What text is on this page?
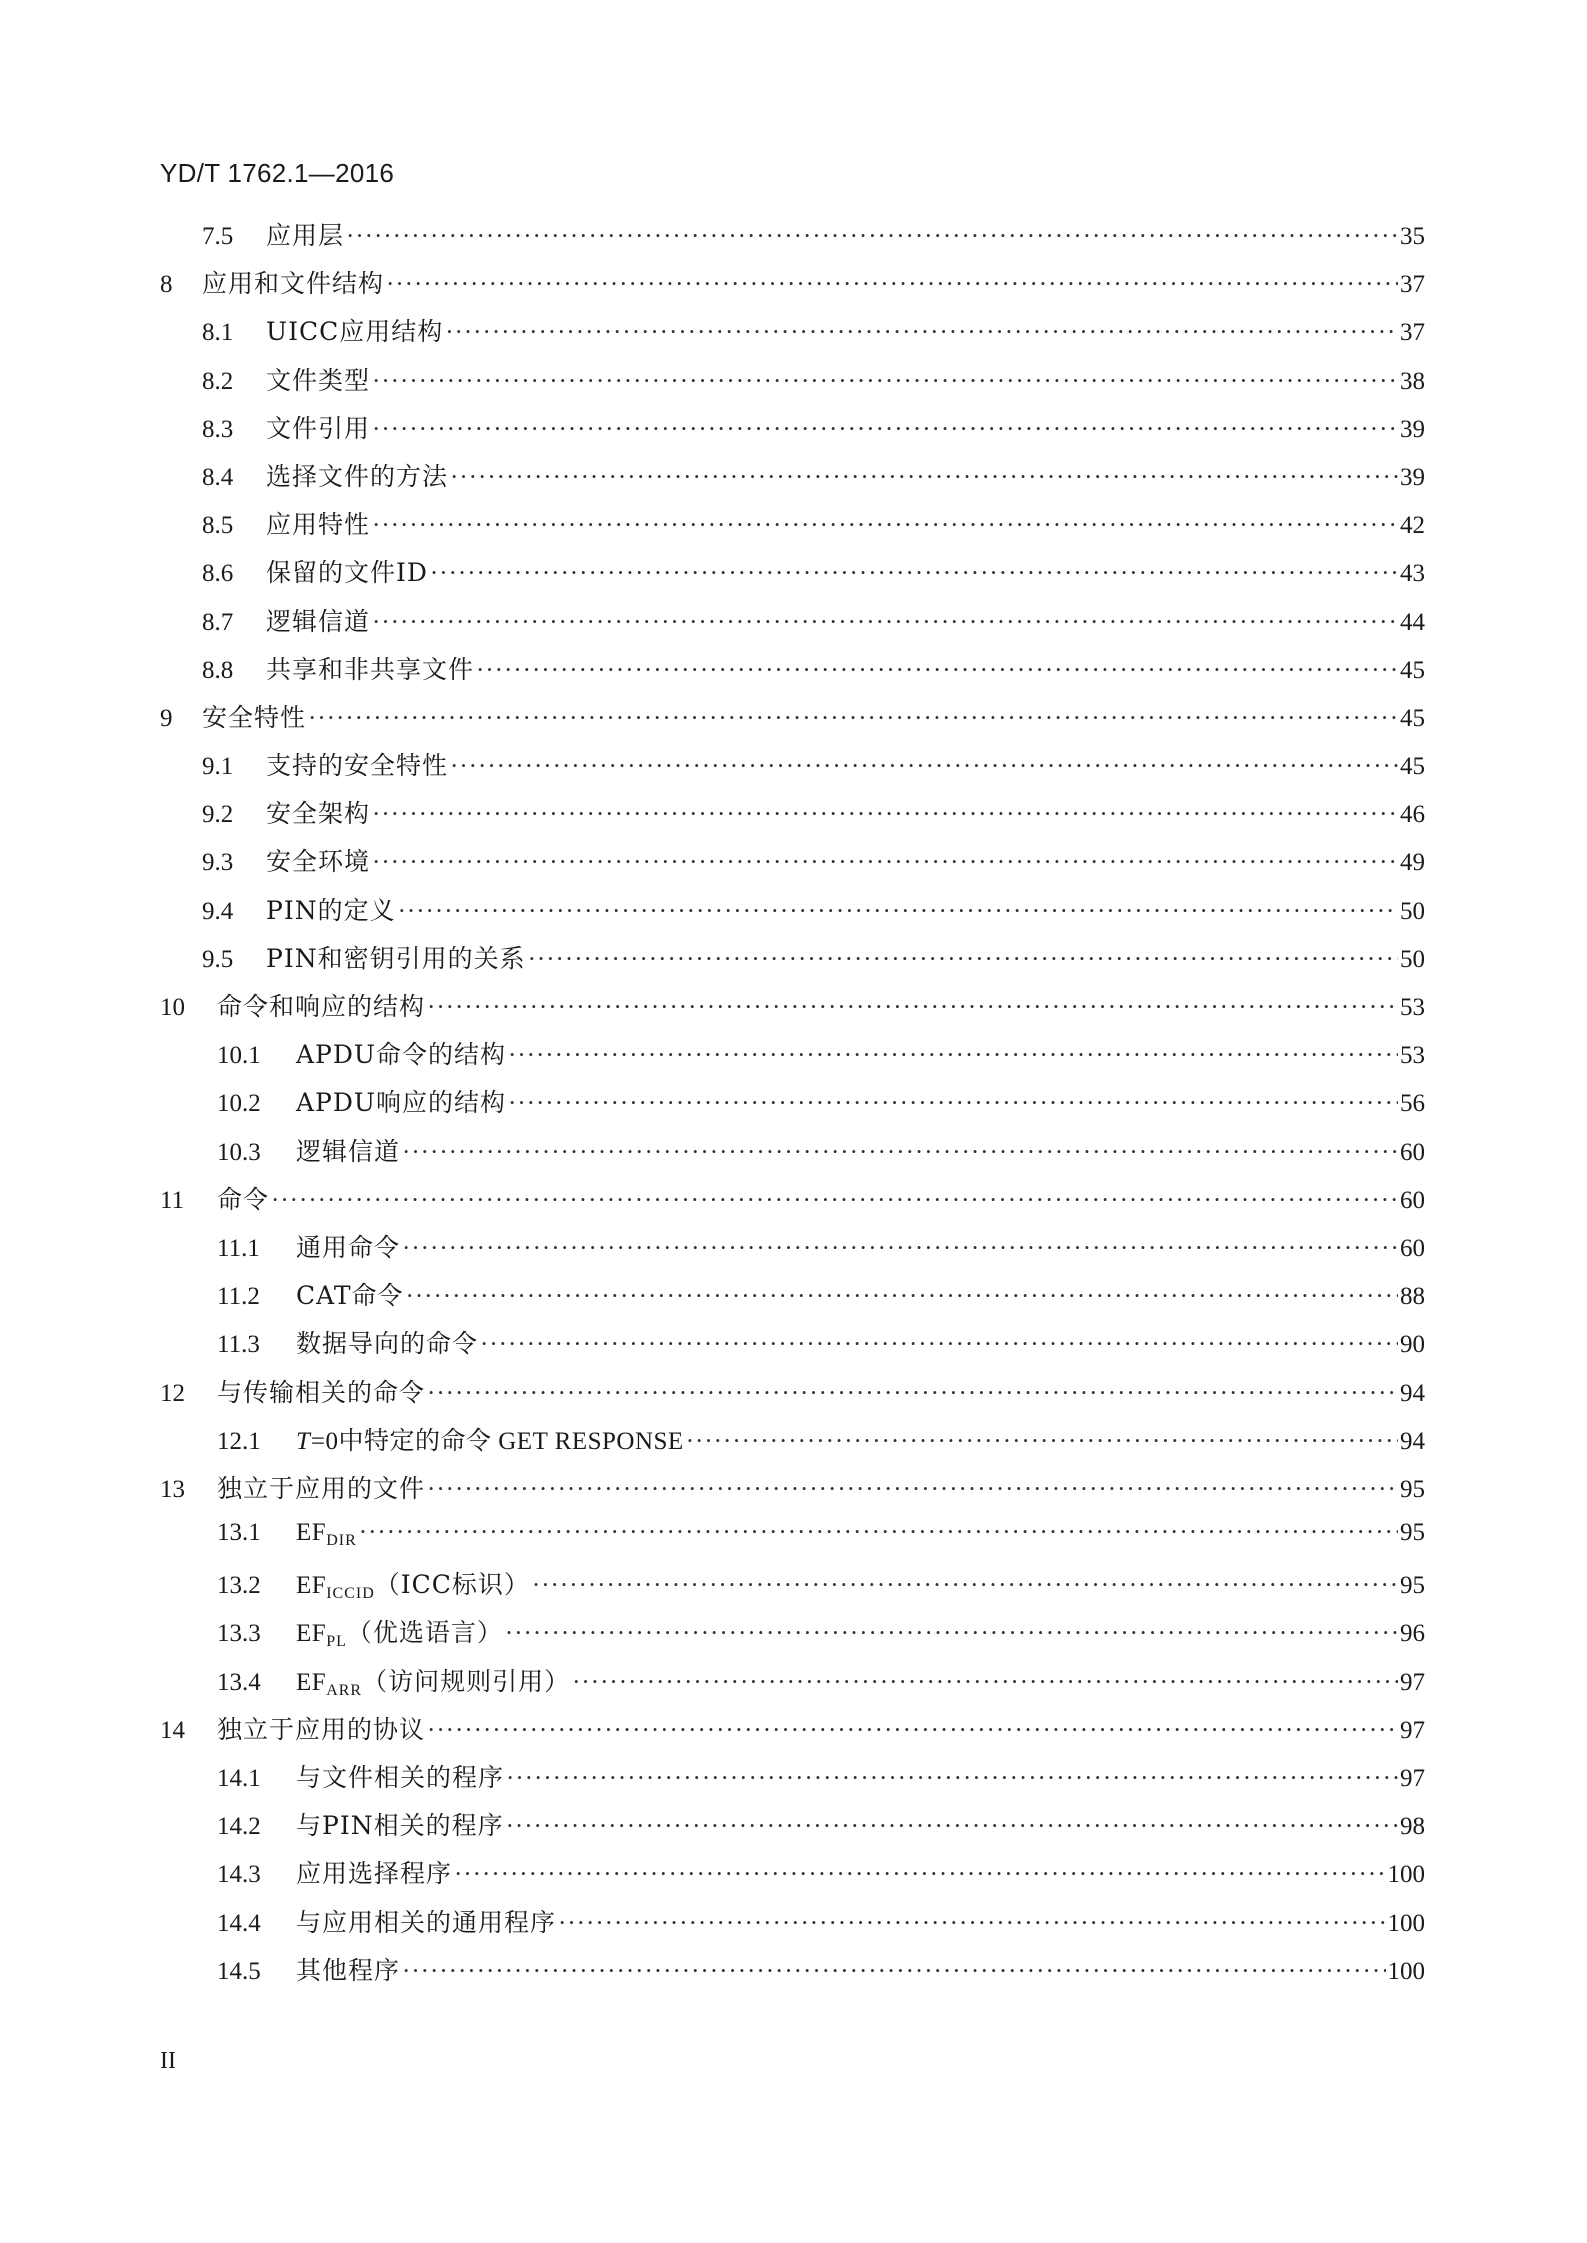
YD/T 1762.1—2016
7.5	应用层 ·····	35
8	应用和文件结构 ·····	37
8.1	UICC应用结构 ·····	37
8.2	文件类型 ·····	38
8.3	文件引用 ·····	39
8.4	选择文件的方法 ·····	39
8.5	应用特性 ·····	42
8.6	保留的文件ID ·····	43
8.7	逻辑信道 ·····	44
8.8	共享和非共享文件 ·····	45
9	安全特性 ·····	45
9.1	支持的安全特性 ·····	45
9.2	安全架构 ·····	46
9.3	安全环境 ·····	49
9.4	PIN的定义 ·····	50
9.5	PIN和密钥引用的关系 ·····	50
10	命令和响应的结构 ·····	53
10.1	APDU命令的结构 ·····	53
10.2	APDU响应的结构 ·····	56
10.3	逻辑信道 ·····	60
11	命令 ·····	60
11.1	通用命令 ·····	60
11.2	CAT命令 ·····	88
11.3	数据导向的命令 ·····	90
12	与传输相关的命令 ·····	94
12.1	T=0中特定的命令 GET RESPONSE ·····	94
13	独立于应用的文件 ·····	95
13.1	$EF_{DIR}$ ·····	95
13.2	$EF_{ICCID}(ICC$标识） ·····	95
13.3	$EF_{PL}$（优选语言） ·····	96
13.4	$EF_{ARR}$（访问规则引用） ·····	97
14	独立于应用的协议 ·····	97
14.1	与文件相关的程序 ·····	97
14.2	与PIN相关的程序 ·····	98
14.3	应用选择程序 ·····	100
14.4	与应用相关的通用程序 ·····	100
14.5	其他程序 ·····	100
II
